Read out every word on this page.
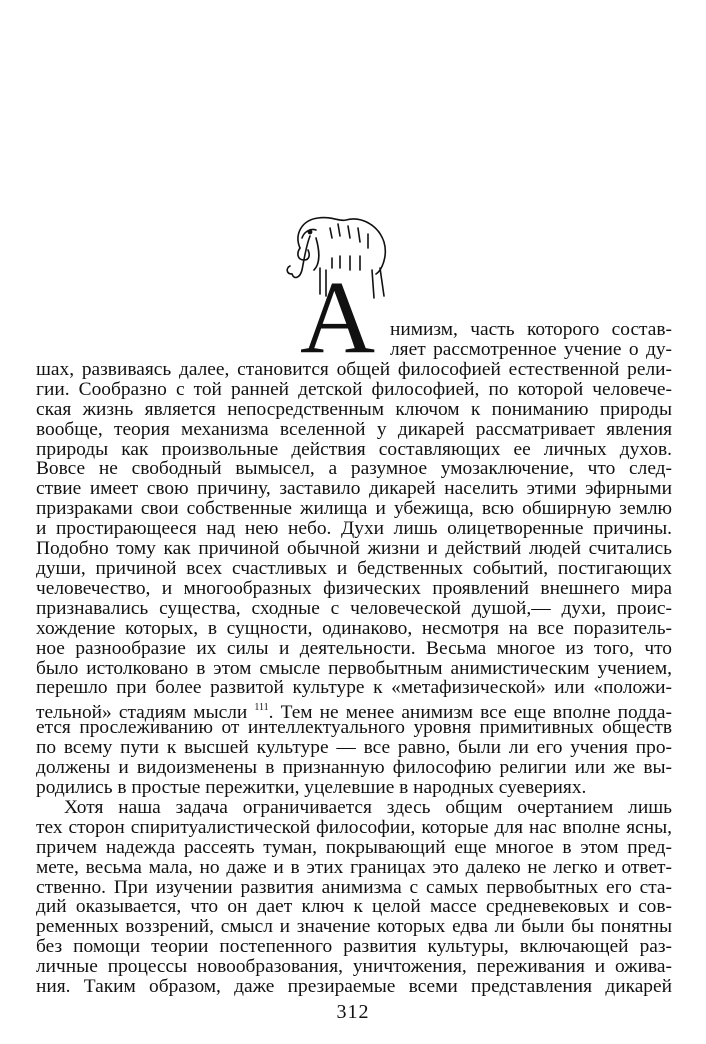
А нимизм, часть которого состав-
ляет рассмотренное учение о ду-
шах, развиваясь далее, становится общей философией естественной рели-
гии. Сообразно с той ранней детской философией, по которой человече-
ская жизнь является непосредственным ключом к пониманию природы
вообще, теория механизма вселенной у дикарей рассматривает явления
природы как произвольные действия составляющих ее личных духов.
Вовсе не свободный вымысел, а разумное умозаключение, что след-
ствие имеет свою причину, заставило дикарей населить этими эфирными
призраками свои собственные жилища и убежища, всю обширную землю
и простирающееся над нею небо. Духи лишь олицетворенные причины.
Подобно тому как причиной обычной жизни и действий людей считались
души, причиной всех счастливых и бедственных событий, постигающих
человечество, и многообразных физических проявлений внешнего мира
признавались существа, сходные с человеческой душой,— духи, проис-
хождение которых, в сущности, одинаково, несмотря на все поразитель-
ное разнообразие их силы и деятельности. Весьма многое из того, что
было истолковано в этом смысле первобытным анимистическим учением,
перешло при более развитой культуре к «метафизической» или «положи-
тельной» стадиям мысли $^{111}$. Тем не менее анимизм все еще вполне подда-
ется прослеживанию от интеллектуального уровня примитивных обществ
по всему пути к высшей культуре — все равно, были ли его учения про-
должены и видоизменены в признанную философию религии или же вы-
родились в простые пережитки, уцелевшие в народных суевериях.
Хотя наша задача ограничивается здесь общим очертанием лишь
тех сторон спиритуалистической философии, которые для нас вполне ясны,
причем надежда рассеять туман, покрывающий еще многое в этом пред-
мете, весьма мала, но даже и в этих границах это далеко не легко и ответ-
ственно. При изучении развития анимизма с самых первобытных его ста-
дий оказывается, что он дает ключ к целой массе средневековых и сов-
ременных воззрений, смысл и значение которых едва ли были бы понятны
без помощи теории постепенного развития культуры, включающей раз-
личные процессы новообразования, уничтожения, переживания и ожива-
ния. Таким образом, даже презираемые всеми представления дикарей
312
